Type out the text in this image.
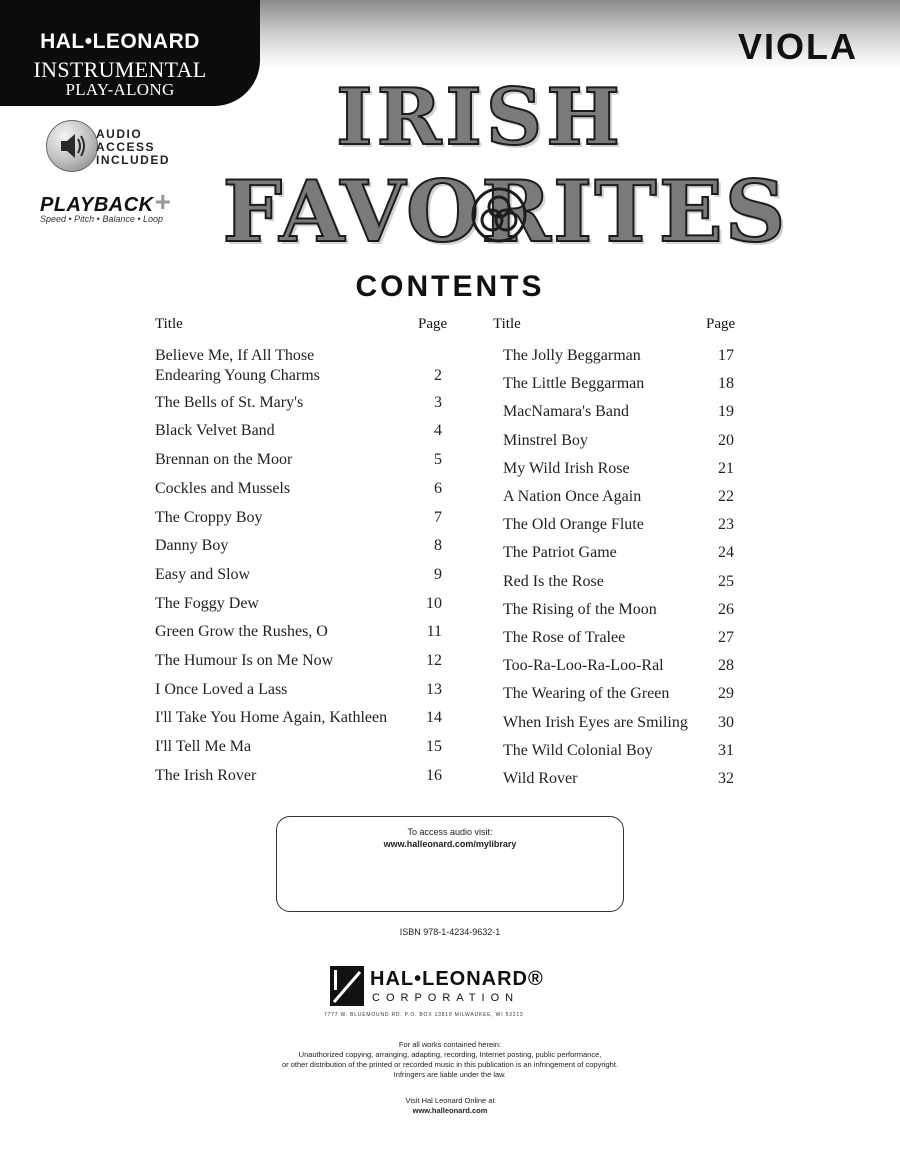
HAL•LEONARD
INSTRUMENTAL
PLAY-ALONG
VIOLA
AUDIO
ACCESS
INCLUDED
PLAYBACK+
Speed • Pitch • Balance • Loop
IRISH
FAVORITES
CONTENTS
Title	Page	Title	Page
Believe Me, If All Those
Endearing Young Charms	2
The Bells of St. Mary's	3
Black Velvet Band	4
Brennan on the Moor	5
Cockles and Mussels	6
The Croppy Boy	7
Danny Boy	8
Easy and Slow	9
The Foggy Dew	10
Green Grow the Rushes, O	11
The Humour Is on Me Now	12
I Once Loved a Lass	13
I'll Take You Home Again, Kathleen	14
I'll Tell Me Ma	15
The Irish Rover	16
The Jolly Beggarman	17
The Little Beggarman	18
MacNamara's Band	19
Minstrel Boy	20
My Wild Irish Rose	21
A Nation Once Again	22
The Old Orange Flute	23
The Patriot Game	24
Red Is the Rose	25
The Rising of the Moon	26
The Rose of Tralee	27
Too-Ra-Loo-Ra-Loo-Ral	28
The Wearing of the Green	29
When Irish Eyes are Smiling	30
The Wild Colonial Boy	31
Wild Rover	32
To access audio visit:
www.halleonard.com/mylibrary
ISBN 978-1-4234-9632-1
HAL•LEONARD®
CORPORATION
7777 W. BLUEMOUND RD. P.O. BOX 13819 MILWAUKEE, WI 53213
For all works contained herein:
Unauthorized copying, arranging, adapting, recording, Internet posting, public performance,
or other distribution of the printed or recorded music in this publication is an infringement of copyright.
Infringers are liable under the law.
Visit Hal Leonard Online at
www.halleonard.com
